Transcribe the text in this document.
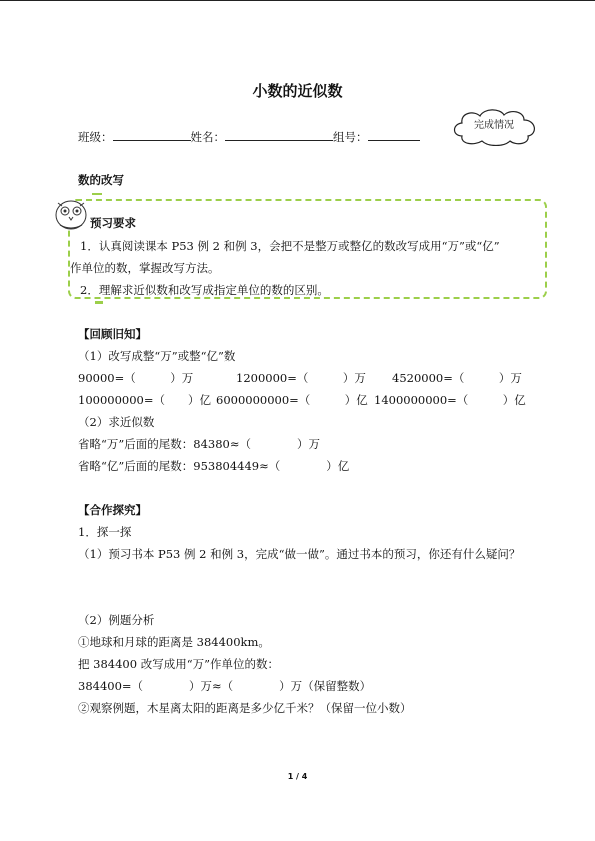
小数的近似数
班级：	姓名：	组号：
完成情况
数的改写
预习要求
1．认真阅读课本 P53 例 2 和例 3，会把不是整万或整亿的数改写成用“万”或“亿”
作单位的数，掌握改写方法。
2．理解求近似数和改写成指定单位的数的区别。
【回顾旧知】
（1）改写成整“万”或整“亿”数
90000=（　　　）万	1200000=（　　　）万 4520000=（　　　）万
100000000=（　　）亿 6000000000=（　　　）亿 1400000000=（　　　）亿
（2）求近似数
省略“万”后面的尾数：84380≈（　　　　）万
省略“亿”后面的尾数：953804449≈（　　　　）亿
【合作探究】
1．探一探
（1）预习书本 P53 例 2 和例 3，完成“做一做”。通过书本的预习，你还有什么疑问？
（2）例题分析
①地球和月球的距离是 384400km。
把 384400 改写成用“万”作单位的数：
384400=（　　　　）万≈（　　　　）万（保留整数）
②观察例题，木星离太阳的距离是多少亿千米？（保留一位小数）
1 / 4
